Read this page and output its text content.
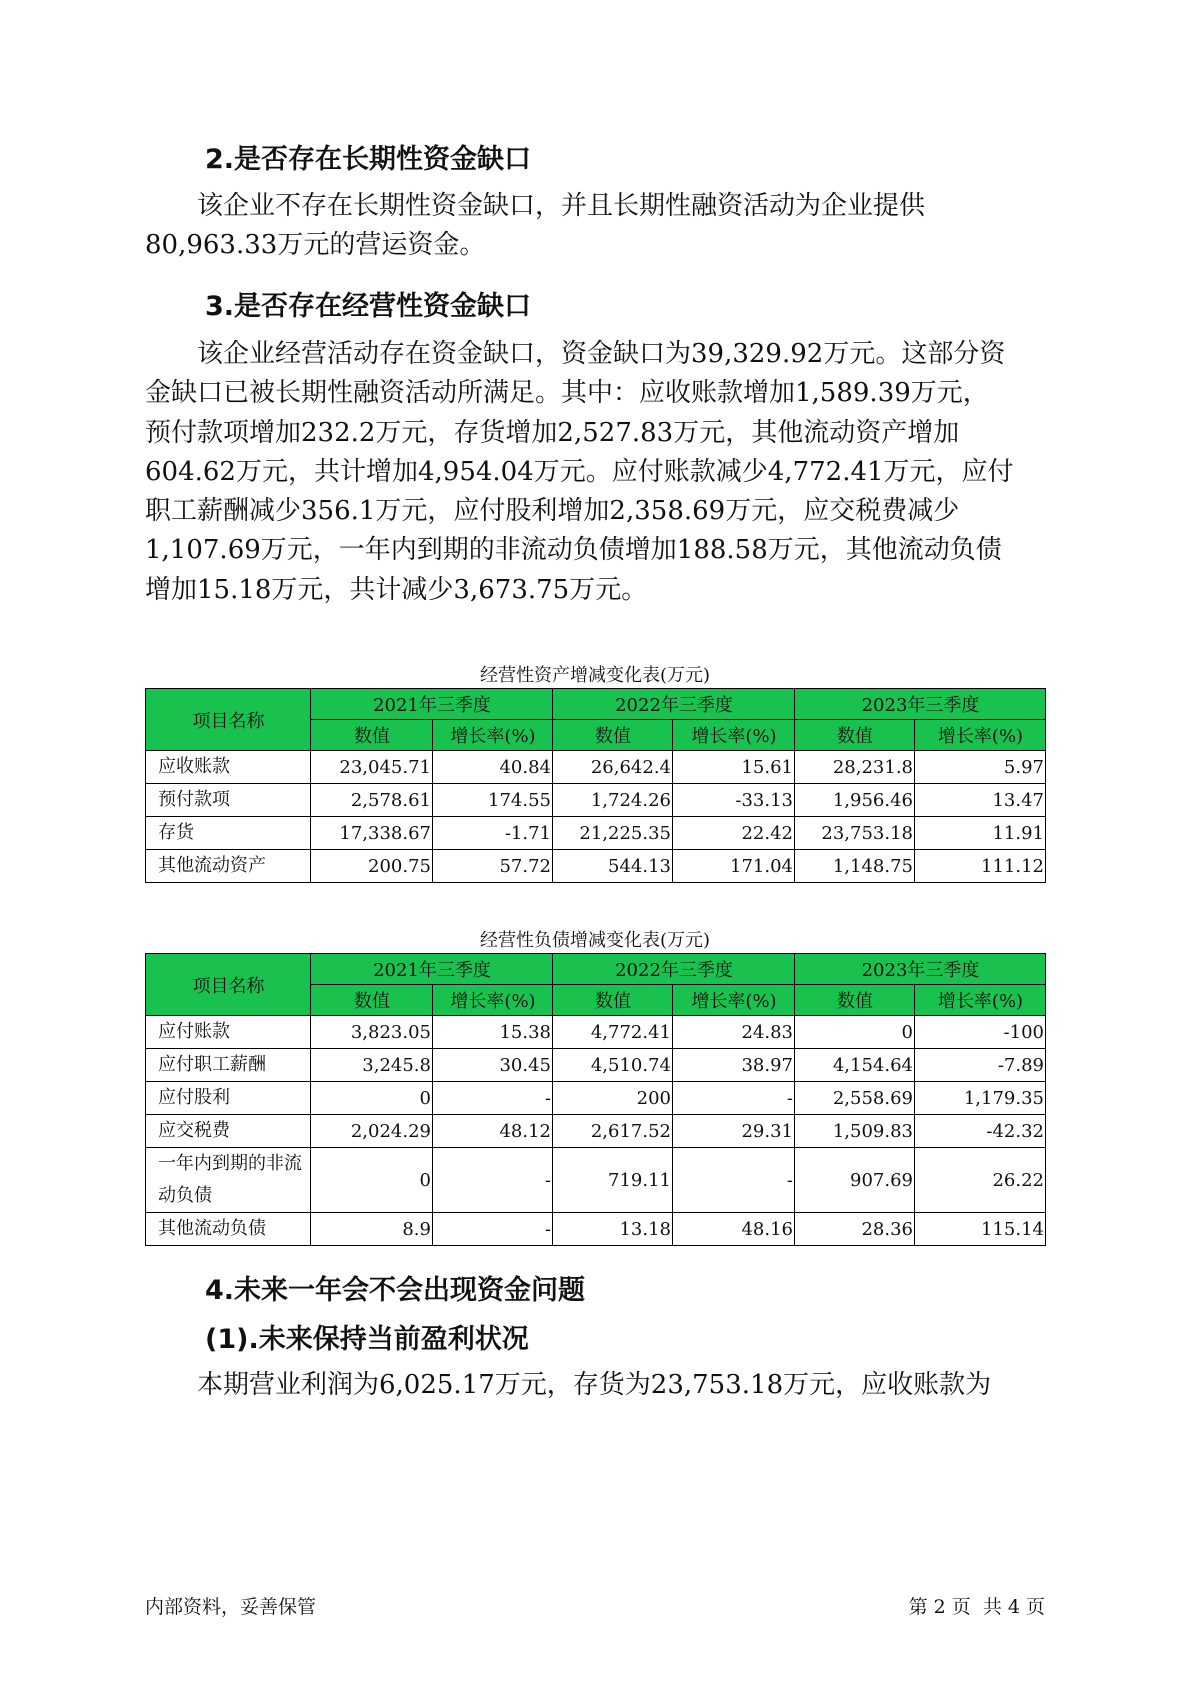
2.是否存在长期性资金缺口

　　该企业不存在长期性资金缺口，并且长期性融资活动为企业提供
80,963.33万元的营运资金。

3.是否存在经营性资金缺口

　　该企业经营活动存在资金缺口，资金缺口为39,329.92万元。这部分资
金缺口已被长期性融资活动所满足。其中：应收账款增加1,589.39万元，
预付款项增加232.2万元，存货增加2,527.83万元，其他流动资产增加
604.62万元，共计增加4,954.04万元。应付账款减少4,772.41万元，应付
职工薪酬减少356.1万元，应付股利增加2,358.69万元，应交税费减少
1,107.69万元，一年内到期的非流动负债增加188.58万元，其他流动负债
增加15.18万元，共计减少3,673.75万元。

经营性资产增减变化表(万元)
项目名称	2021年三季度		2022年三季度		2023年三季度	
	数值	增长率(%)	数值	增长率(%)	数值	增长率(%)
应收账款	23,045.71	40.84	26,642.4	15.61	28,231.8	5.97
预付款项	2,578.61	174.55	1,724.26	-33.13	1,956.46	13.47
存货	17,338.67	-1.71	21,225.35	22.42	23,753.18	11.91
其他流动资产	200.75	57.72	544.13	171.04	1,148.75	111.12
经营性负债增减变化表(万元)
项目名称	2021年三季度		2022年三季度		2023年三季度	
	数值	增长率(%)	数值	增长率(%)	数值	增长率(%)
应付账款	3,823.05	15.38	4,772.41	24.83	0	-100
应付职工薪酬	3,245.8	30.45	4,510.74	38.97	4,154.64	-7.89
应付股利	0	-	200	-	2,558.69	1,179.35
应交税费	2,024.29	48.12	2,617.52	29.31	1,509.83	-42.32
一年内到期的非流动负债	0	-	719.11	-	907.69	26.22
其他流动负债	8.9	-	13.18	48.16	28.36	115.14
4.未来一年会不会出现资金问题
(1).未来保持当前盈利状况

　　本期营业利润为6,025.17万元，存货为23,753.18万元，应收账款为

内部资料，妥善保管	第 2 页  共 4 页
